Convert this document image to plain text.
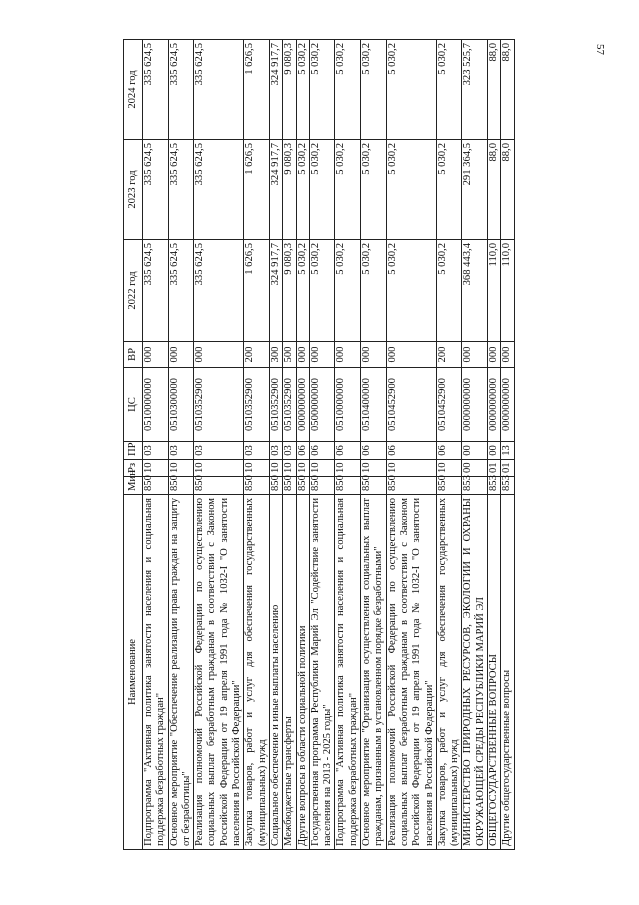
57
Наименование	Мин	Рз	ПР	ЦС	ВР	2022 год	2023 год	2024 год
Подпрограмма "Активная политика занятости населения и социальная поддержка безработных граждан"	850	10	03	0510000000	000	335 624,5	335 624,5	335 624,5
Основное мероприятие "Обеспечение реализации права граждан на защиту от безработицы"	850	10	03	0510300000	000	335 624,5	335 624,5	335 624,5
Реализация полномочий Российской Федерации по осуществлению социальных выплат безработным гражданам в соответствии с Законом Российской Федерации от 19 апреля 1991 года № 1032-I "О занятости населения в Российской Федерации"	850	10	03	0510352900	000	335 624,5	335 624,5	335 624,5
Закупка товаров, работ и услуг для обеспечения государственных (муниципальных) нужд	850	10	03	0510352900	200	1 626,5	1 626,5	1 626,5
Социальное обеспечение и иные выплаты населению	850	10	03	0510352900	300	324 917,7	324 917,7	324 917,7
Межбюджетные трансферты	850	10	03	0510352900	500	9 080,3	9 080,3	9 080,3
Другие вопросы в области социальной политики	850	10	06	0000000000	000	5 030,2	5 030,2	5 030,2
Государственная программа Республики Марий Эл "Содействие занятости населения на 2013 - 2025 годы"	850	10	06	0500000000	000	5 030,2	5 030,2	5 030,2
Подпрограмма "Активная политика занятости населения и социальная поддержка безработных граждан"	850	10	06	0510000000	000	5 030,2	5 030,2	5 030,2
Основное мероприятие "Организация осуществления социальных выплат гражданам, признанным в установленном порядке безработными"	850	10	06	0510400000	000	5 030,2	5 030,2	5 030,2
Реализация полномочий Российской Федерации по осуществлению социальных выплат безработным гражданам в соответствии с Законом Российской Федерации от 19 апреля 1991 года № 1032-I "О занятости населения в Российской Федерации"	850	10	06	0510452900	000	5 030,2	5 030,2	5 030,2
Закупка товаров, работ и услуг для обеспечения государственных (муниципальных) нужд	850	10	06	0510452900	200	5 030,2	5 030,2	5 030,2
МИНИСТЕРСТВО ПРИРОДНЫХ РЕСУРСОВ, ЭКОЛОГИИ И ОХРАНЫ ОКРУЖАЮЩЕЙ СРЕДЫ РЕСПУБЛИКИ МАРИЙ ЭЛ	853	00	00	0000000000	000	368 443,4	291 364,5	323 525,7
ОБЩЕГОСУДАРСТВЕННЫЕ ВОПРОСЫ	853	01	00	0000000000	000	110,0	88,0	88,0
Другие общегосударственные вопросы	853	01	13	0000000000	000	110,0	88,0	88,0
